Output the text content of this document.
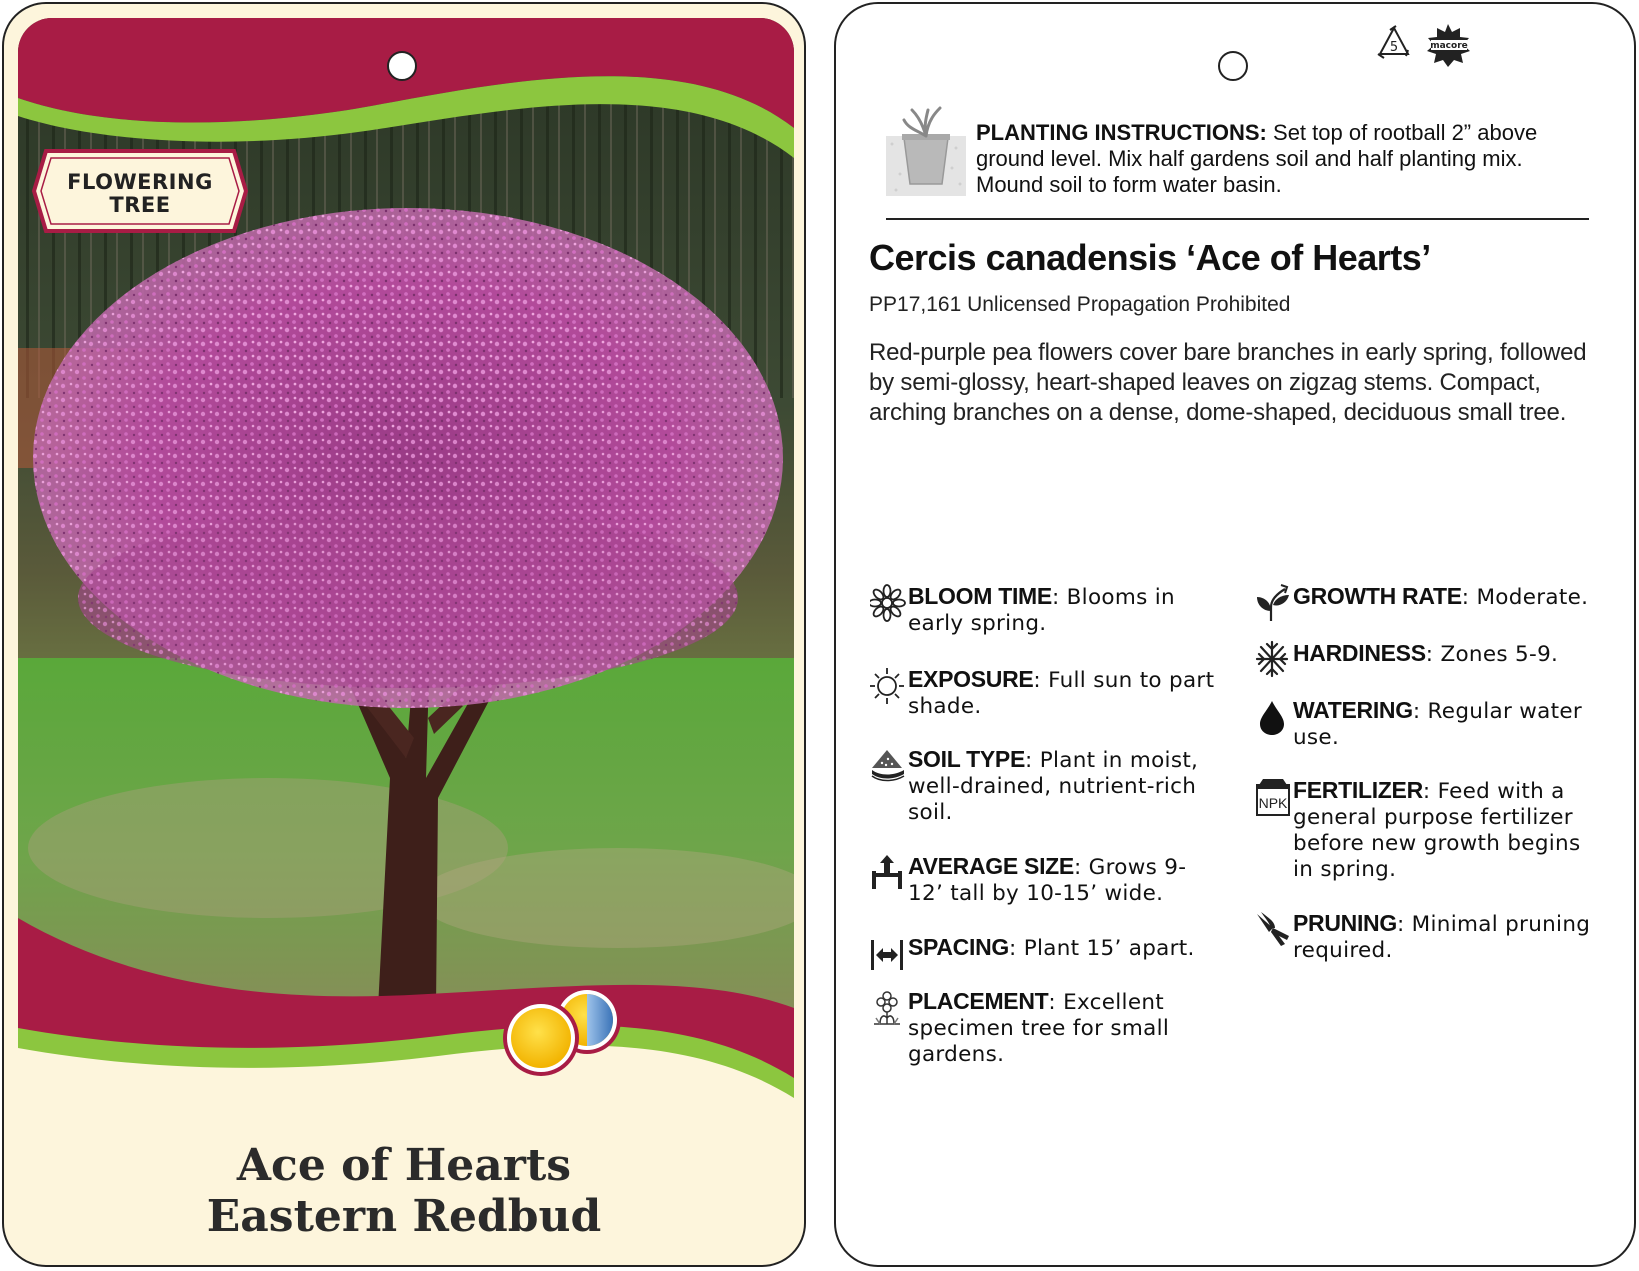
FLOWERING
TREE
Ace of Hearts
Eastern Redbud
5	macore
PLANTING INSTRUCTIONS: Set top of rootball 2” above ground level. Mix half gardens soil and half planting mix. Mound soil to form water basin.
Cercis canadensis ‘Ace of Hearts’
PP17,161 Unlicensed Propagation Prohibited
Red-purple pea flowers cover bare branches in early spring, followed by semi-glossy, heart-shaped leaves on zigzag stems. Compact, arching branches on a dense, dome-shaped, deciduous small tree.
BLOOM TIME: Blooms in early spring.
EXPOSURE: Full sun to part shade.
SOIL TYPE: Plant in moist, well-drained, nutrient-rich soil.
AVERAGE SIZE: Grows 9-12’ tall by 10-15’ wide.
SPACING: Plant 15’ apart.
PLACEMENT: Excellent specimen tree for small gardens.
GROWTH RATE: Moderate.
HARDINESS: Zones 5-9.
WATERING: Regular water use.
NPK FERTILIZER: Feed with a general purpose fertilizer before new growth begins in spring.
PRUNING: Minimal pruning required.
